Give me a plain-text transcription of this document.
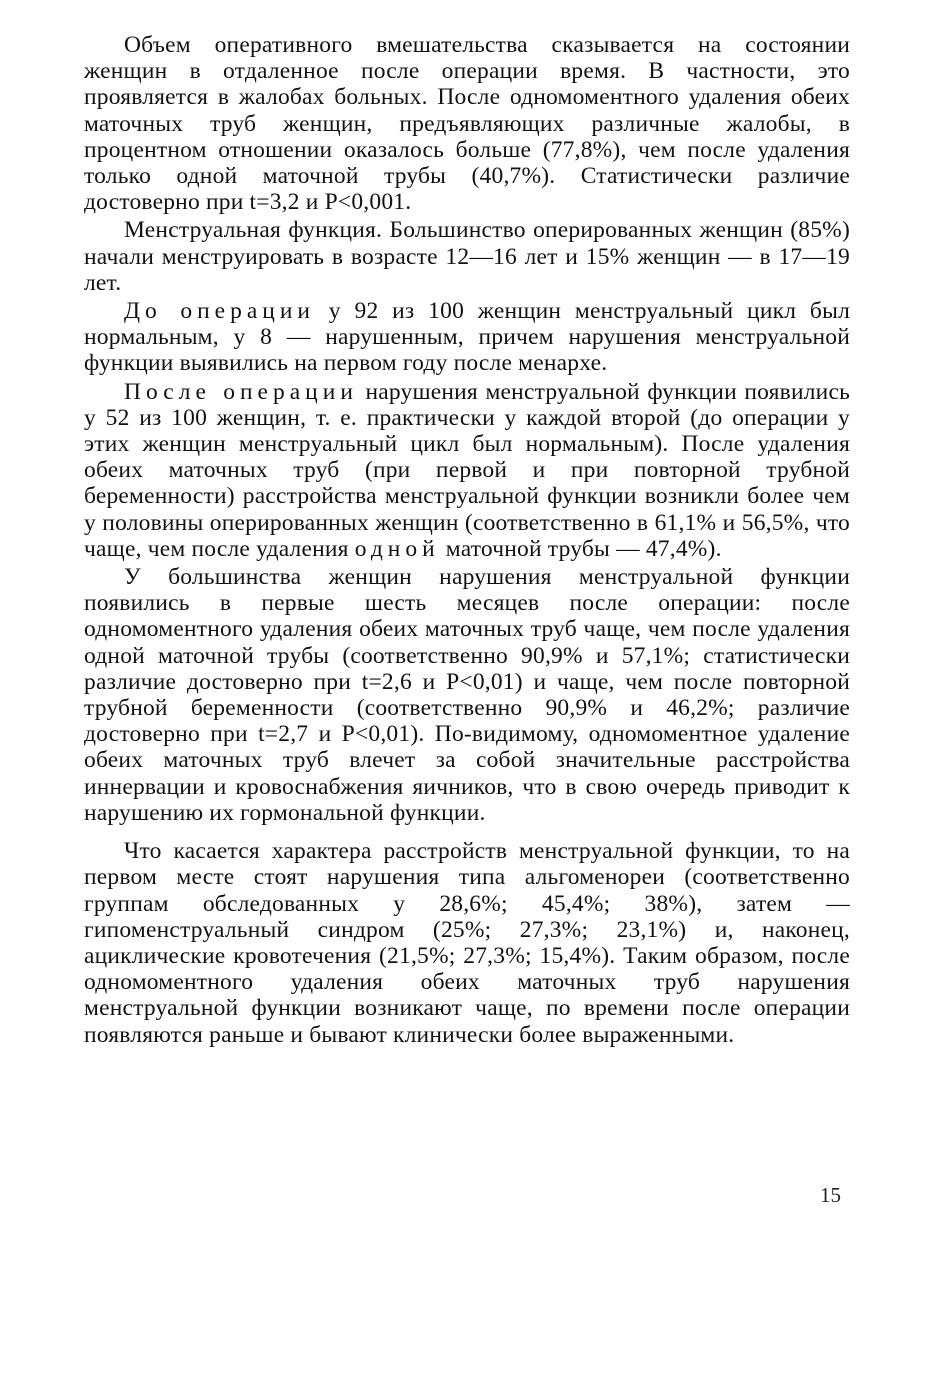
Объем оперативного вмешательства сказывается на состоянии женщин в отдаленное после операции время. В частности, это проявляется в жалобах больных. После одномоментного удаления обеих маточных труб женщин, предъявляющих различные жалобы, в процентном отношении оказалось больше (77,8%), чем после удаления только одной маточной трубы (40,7%). Статистически различие достоверно при t=3,2 и P<0,001.

Менструальная функция. Большинство оперированных женщин (85%) начали менструировать в возрасте 12—16 лет и 15% женщин — в 17—19 лет.

До операции у 92 из 100 женщин менструальный цикл был нормальным, у 8 — нарушенным, причем нарушения менструальной функции выявились на первом году после менархе.

После операции нарушения менструальной функции появились у 52 из 100 женщин, т. е. практически у каждой второй (до операции у этих женщин менструальный цикл был нормальным). После удаления обеих маточных труб (при первой и при повторной трубной беременности) расстройства менструальной функции возникли более чем у половины оперированных женщин (соответственно в 61,1% и 56,5%, что чаще, чем после удаления одной маточной трубы — 47,4%).

У большинства женщин нарушения менструальной функции появились в первые шесть месяцев после операции: после одномоментного удаления обеих маточных труб чаще, чем после удаления одной маточной трубы (соответственно 90,9% и 57,1%; статистически различие достоверно при t=2,6 и P<0,01) и чаще, чем после повторной трубной беременности (соответственно 90,9% и 46,2%; различие достоверно при t=2,7 и P<0,01). По-видимому, одномоментное удаление обеих маточных труб влечет за собой значительные расстройства иннервации и кровоснабжения яичников, что в свою очередь приводит к нарушению их гормональной функции.

Что касается характера расстройств менструальной функции, то на первом месте стоят нарушения типа альгоменореи (соответственно группам обследованных у 28,6%; 45,4%; 38%), затем — гипоменструальный синдром (25%; 27,3%; 23,1%) и, наконец, ациклические кровотечения (21,5%; 27,3%; 15,4%). Таким образом, после одномоментного удаления обеих маточных труб нарушения менструальной функции возникают чаще, по времени после операции появляются раньше и бывают клинически более выраженными.

15
